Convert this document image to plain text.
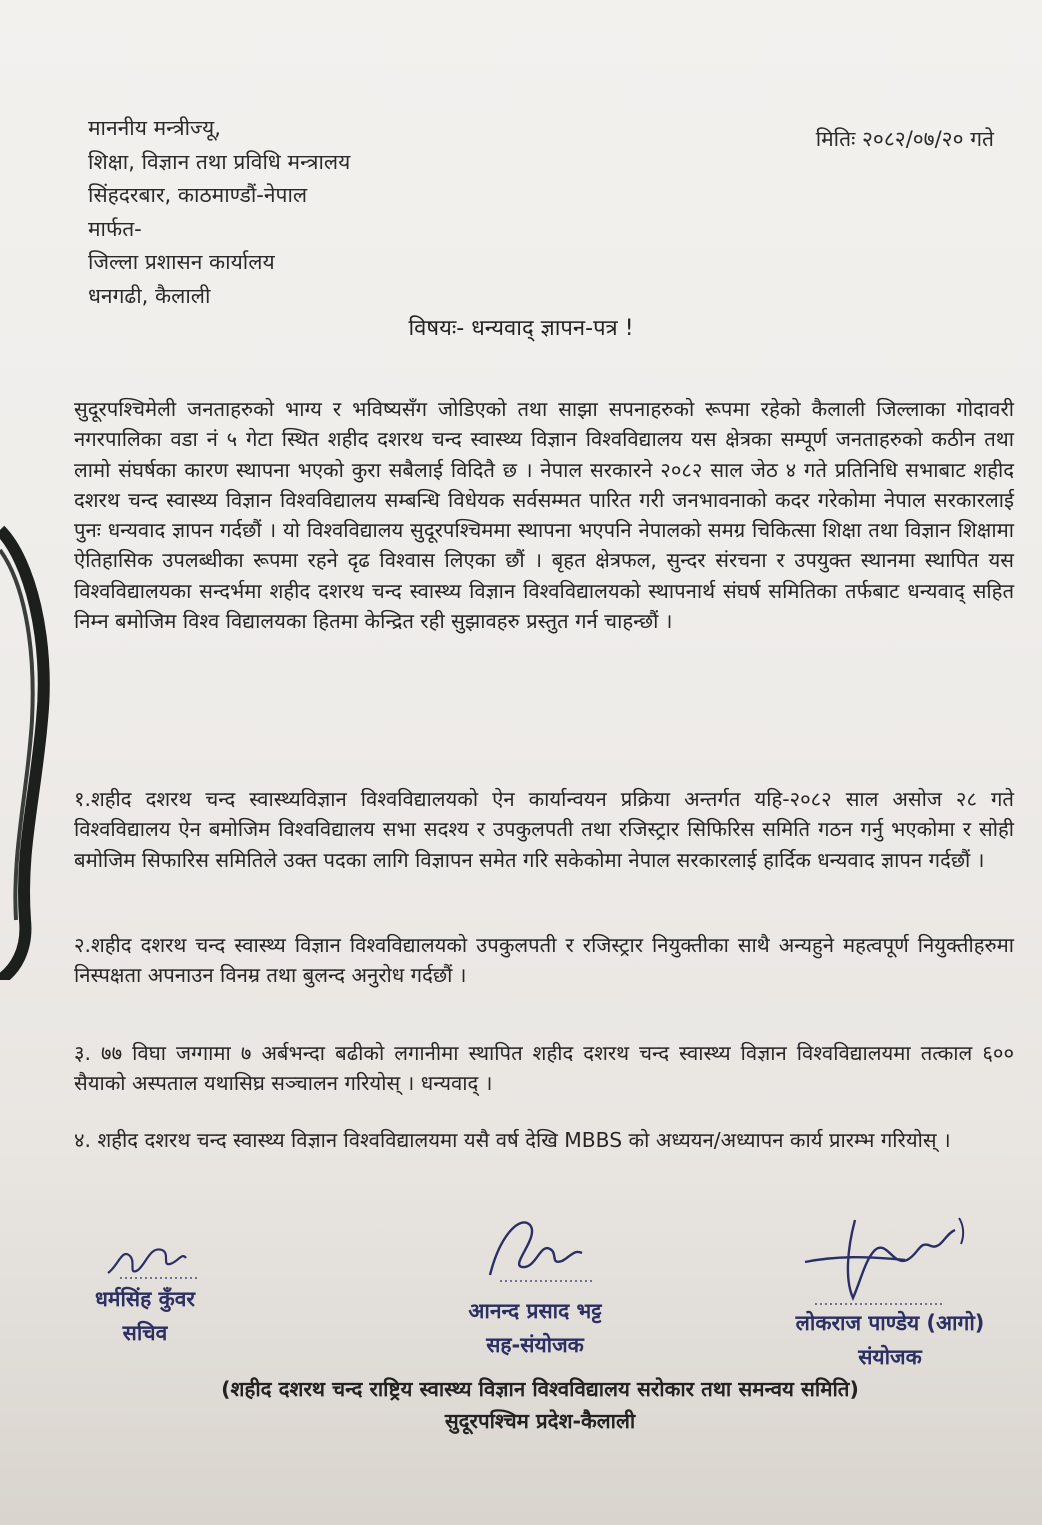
माननीय मन्त्रीज्यू,
शिक्षा, विज्ञान तथा प्रविधि मन्त्रालय
सिंहदरबार, काठमाण्डौं-नेपाल
मार्फत-
जिल्ला प्रशासन कार्यालय
धनगढी, कैलाली
मितिः २०८२/०७/२० गते
विषयः- धन्यवाद् ज्ञापन-पत्र !
सुदूरपश्चिमेली जनताहरुको भाग्य र भविष्यसँग जोडिएको तथा साझा सपनाहरुको रूपमा रहेको कैलाली जिल्लाका गोदावरी नगरपालिका वडा नं ५ गेटा स्थित शहीद दशरथ चन्द स्वास्थ्य विज्ञान विश्वविद्यालय यस क्षेत्रका सम्पूर्ण जनताहरुको कठीन तथा लामो संघर्षका कारण स्थापना भएको कुरा सबैलाई विदितै छ । नेपाल सरकारने २०८२ साल जेठ ४ गते प्रतिनिधि सभाबाट शहीद दशरथ चन्द स्वास्थ्य विज्ञान विश्वविद्यालय सम्बन्धि विधेयक सर्वसम्मत पारित गरी जनभावनाको कदर गरेकोमा नेपाल सरकारलाई पुनः धन्यवाद ज्ञापन गर्दछौं । यो विश्वविद्यालय सुदूरपश्चिममा स्थापना भएपनि नेपालको समग्र चिकित्सा शिक्षा तथा विज्ञान शिक्षामा ऐतिहासिक उपलब्धीका रूपमा रहने दृढ विश्वास लिएका छौं । बृहत क्षेत्रफल, सुन्दर संरचना र उपयुक्त स्थानमा स्थापित यस विश्वविद्यालयका सन्दर्भमा शहीद दशरथ चन्द स्वास्थ्य विज्ञान विश्वविद्यालयको स्थापनार्थ संघर्ष समितिका तर्फबाट धन्यवाद् सहित निम्न बमोजिम विश्व विद्यालयका हितमा केन्द्रित रही सुझावहरु प्रस्तुत गर्न चाहन्छौं ।
१.शहीद दशरथ चन्द स्वास्थ्यविज्ञान विश्वविद्यालयको ऐन कार्यान्वयन प्रक्रिया अन्तर्गत यहि-२०८२ साल असोज २८ गते विश्वविद्यालय ऐन बमोजिम विश्वविद्यालय सभा सदश्य र उपकुलपती तथा रजिस्ट्रार सिफिरिस समिति गठन गर्नु भएकोमा र सोही बमोजिम सिफारिस समितिले उक्त पदका लागि विज्ञापन समेत गरि सकेकोमा नेपाल सरकारलाई हार्दिक धन्यवाद ज्ञापन गर्दछौं ।
२.शहीद दशरथ चन्द स्वास्थ्य विज्ञान विश्वविद्यालयको उपकुलपती र रजिस्ट्रार नियुक्तीका साथै अन्यहुने महत्वपूर्ण नियुक्तीहरुमा निस्पक्षता अपनाउन विनम्र तथा बुलन्द अनुरोध गर्दछौं ।
३. ७७ विघा जग्गामा ७ अर्बभन्दा बढीको लगानीमा स्थापित शहीद दशरथ चन्द स्वास्थ्य विज्ञान विश्वविद्यालयमा तत्काल ६०० सैयाको अस्पताल यथासिघ्र सञ्चालन गरियोस् । धन्यवाद् ।
४. शहीद दशरथ चन्द स्वास्थ्य विज्ञान विश्वविद्यालयमा यसै वर्ष देखि MBBS को अध्ययन/अध्यापन कार्य प्रारम्भ गरियोस् ।
धर्मसिंह कुँवर
सचिव
आनन्द प्रसाद भट्ट
सह-संयोजक
लोकराज पाण्डेय (आगो)
संयोजक
(शहीद दशरथ चन्द राष्ट्रिय स्वास्थ्य विज्ञान विश्वविद्यालय सरोकार तथा समन्वय समिति)
सुदूरपश्चिम प्रदेश-कैलाली
